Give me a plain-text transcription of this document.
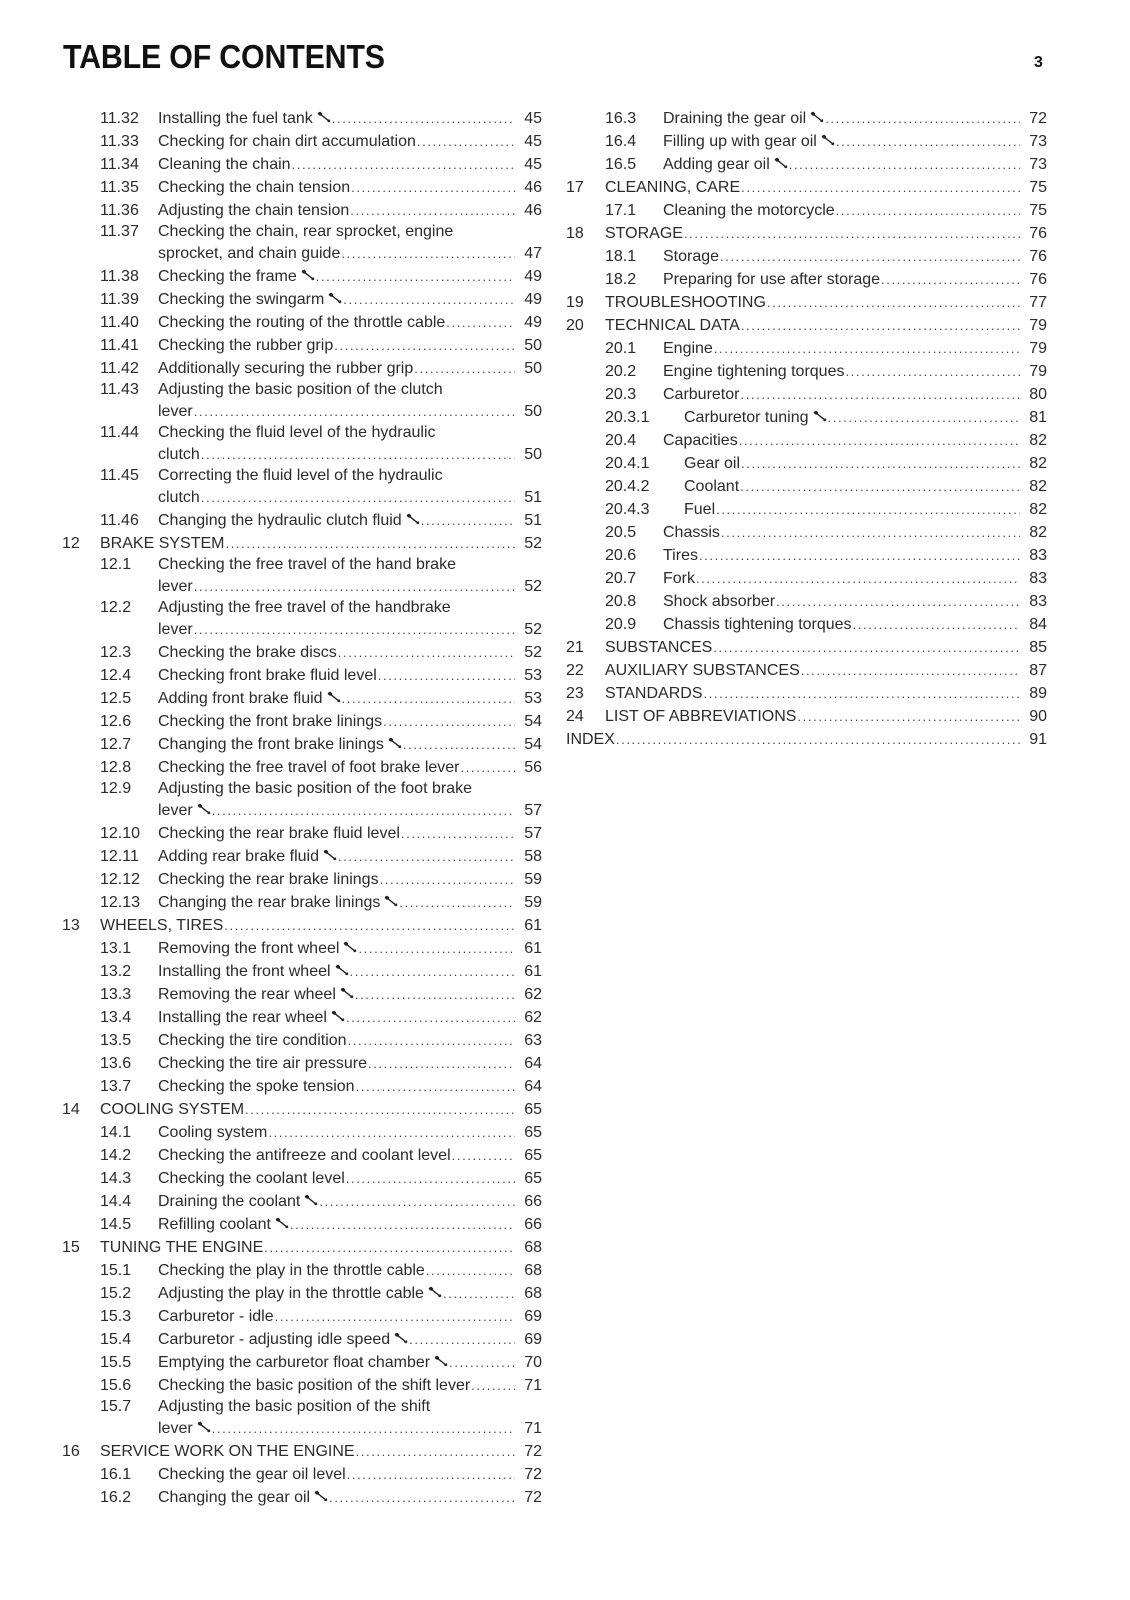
TABLE OF CONTENTS	3
11.32	Installing the fuel tank .....	45
11.33	Checking for chain dirt accumulation .....	45
11.34	Cleaning the chain .....	45
11.35	Checking the chain tension .....	46
11.36	Adjusting the chain tension .....	46
11.37	Checking the chain, rear sprocket, engine
sprocket, and chain guide .....	47
11.38	Checking the frame .....	49
11.39	Checking the swingarm .....	49
11.40	Checking the routing of the throttle cable .....	49
11.41	Checking the rubber grip .....	50
11.42	Additionally securing the rubber grip .....	50
11.43	Adjusting the basic position of the clutch
lever .....	50
11.44	Checking the fluid level of the hydraulic
clutch .....	50
11.45	Correcting the fluid level of the hydraulic
clutch .....	51
11.46	Changing the hydraulic clutch fluid .....	51
12	BRAKE SYSTEM .....	52
12.1	Checking the free travel of the hand brake
lever .....	52
12.2	Adjusting the free travel of the handbrake
lever .....	52
12.3	Checking the brake discs .....	52
12.4	Checking front brake fluid level .....	53
12.5	Adding front brake fluid .....	53
12.6	Checking the front brake linings .....	54
12.7	Changing the front brake linings .....	54
12.8	Checking the free travel of foot brake lever .....	56
12.9	Adjusting the basic position of the foot brake
lever .....	57
12.10	Checking the rear brake fluid level .....	57
12.11	Adding rear brake fluid .....	58
12.12	Checking the rear brake linings .....	59
12.13	Changing the rear brake linings .....	59
13	WHEELS, TIRES .....	61
13.1	Removing the front wheel .....	61
13.2	Installing the front wheel .....	61
13.3	Removing the rear wheel .....	62
13.4	Installing the rear wheel .....	62
13.5	Checking the tire condition .....	63
13.6	Checking the tire air pressure .....	64
13.7	Checking the spoke tension .....	64
14	COOLING SYSTEM .....	65
14.1	Cooling system .....	65
14.2	Checking the antifreeze and coolant level .....	65
14.3	Checking the coolant level .....	65
14.4	Draining the coolant .....	66
14.5	Refilling coolant .....	66
15	TUNING THE ENGINE .....	68
15.1	Checking the play in the throttle cable .....	68
15.2	Adjusting the play in the throttle cable .....	68
15.3	Carburetor - idle .....	69
15.4	Carburetor - adjusting idle speed .....	69
15.5	Emptying the carburetor float chamber .....	70
15.6	Checking the basic position of the shift lever .....	71
15.7	Adjusting the basic position of the shift
lever .....	71
16	SERVICE WORK ON THE ENGINE .....	72
16.1	Checking the gear oil level .....	72
16.2	Changing the gear oil .....	72
16.3	Draining the gear oil .....	72
16.4	Filling up with gear oil .....	73
16.5	Adding gear oil .....	73
17	CLEANING, CARE .....	75
17.1	Cleaning the motorcycle .....	75
18	STORAGE .....	76
18.1	Storage .....	76
18.2	Preparing for use after storage .....	76
19	TROUBLESHOOTING .....	77
20	TECHNICAL DATA .....	79
20.1	Engine .....	79
20.2	Engine tightening torques .....	79
20.3	Carburetor .....	80
20.3.1	Carburetor tuning .....	81
20.4	Capacities .....	82
20.4.1	Gear oil .....	82
20.4.2	Coolant .....	82
20.4.3	Fuel .....	82
20.5	Chassis .....	82
20.6	Tires .....	83
20.7	Fork .....	83
20.8	Shock absorber .....	83
20.9	Chassis tightening torques .....	84
21	SUBSTANCES .....	85
22	AUXILIARY SUBSTANCES .....	87
23	STANDARDS .....	89
24	LIST OF ABBREVIATIONS .....	90
INDEX .....	91
